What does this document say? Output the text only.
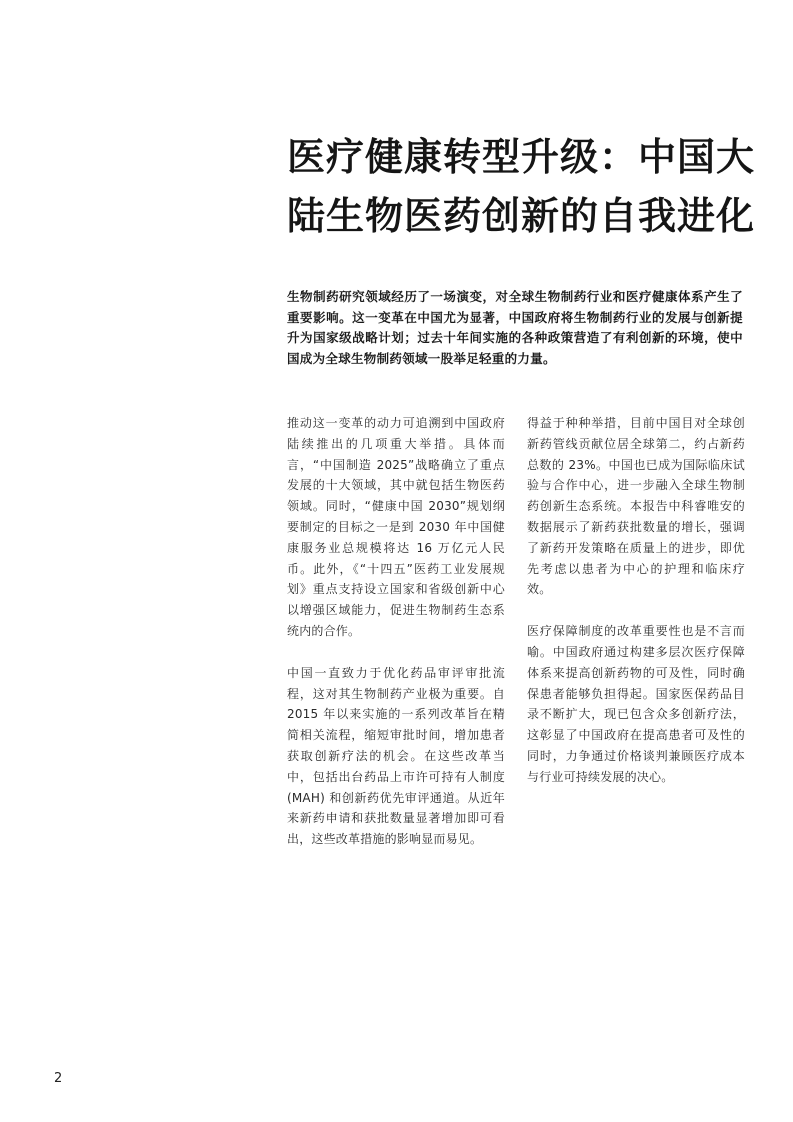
医疗健康转型升级：中国大
陆生物医药创新的自我进化

生物制药研究领域经历了一场演变，对全球生物制药行业和医疗健康体系产生了重要影响。这一变革在中国尤为显著，中国政府将生物制药行业的发展与创新提升为国家级战略计划；过去十年间实施的各种政策营造了有利创新的环境，使中国成为全球生物制药领域一股举足轻重的力量。

推动这一变革的动力可追溯到中国政府陆续推出的几项重大举措。具体而言，“中国制造 2025”战略确立了重点发展的十大领域，其中就包括生物医药领域。同时，“健康中国 2030”规划纲要制定的目标之一是到 2030 年中国健康服务业总规模将达 16 万亿元人民币。此外，《“十四五”医药工业发展规划》重点支持设立国家和省级创新中心以增强区域能力，促进生物制药生态系统内的合作。

中国一直致力于优化药品审评审批流程，这对其生物制药产业极为重要。自 2015 年以来实施的一系列改革旨在精简相关流程，缩短审批时间，增加患者获取创新疗法的机会。在这些改革当中，包括出台药品上市许可持有人制度 (MAH) 和创新药优先审评通道。从近年来新药申请和获批数量显著增加即可看出，这些改革措施的影响显而易见。

得益于种种举措，目前中国目对全球创新药管线贡献位居全球第二，约占新药总数的 23%。中国也已成为国际临床试验与合作中心，进一步融入全球生物制药创新生态系统。本报告中科睿唯安的数据展示了新药获批数量的增长，强调了新药开发策略在质量上的进步，即优先考虑以患者为中心的护理和临床疗效。

医疗保障制度的改革重要性也是不言而喻。中国政府通过构建多层次医疗保障体系来提高创新药物的可及性，同时确保患者能够负担得起。国家医保药品目录不断扩大，现已包含众多创新疗法，这彰显了中国政府在提高患者可及性的同时，力争通过价格谈判兼顾医疗成本与行业可持续发展的决心。

2
